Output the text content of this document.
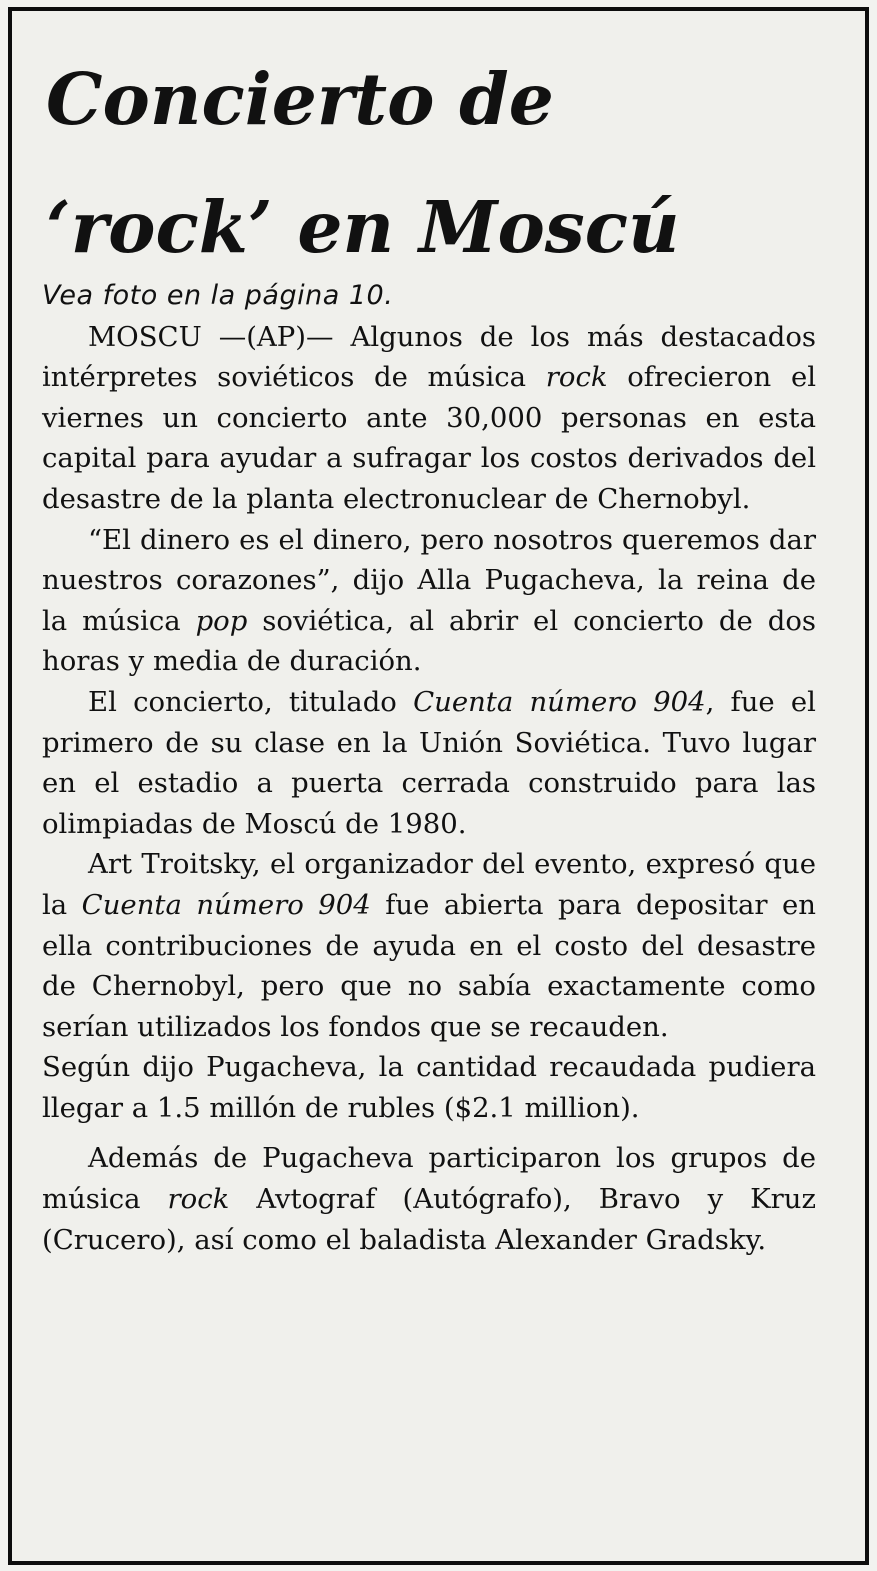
Concierto de
‘rock’ en Moscú

Vea foto en la página 10.

MOSCU —(AP)— Algunos de los más destacados intérpretes soviéticos de música rock ofrecieron el viernes un concierto ante 30,000 personas en esta capital para ayudar a sufragar los costos derivados del desastre de la planta electronuclear de Chernobyl.

“El dinero es el dinero, pero nosotros queremos dar nuestros corazones”, dijo Alla Pugacheva, la reina de la música pop soviética, al abrir el concierto de dos horas y media de duración.

El concierto, titulado Cuenta número 904, fue el primero de su clase en la Unión Soviética. Tuvo lugar en el estadio a puerta cerrada construido para las olimpiadas de Moscú de 1980.

Art Troitsky, el organizador del evento, expresó que la Cuenta número 904 fue abierta para depositar en ella contribuciones de ayuda en el costo del desastre de Chernobyl, pero que no sabía exactamente como serían utilizados los fondos que se recauden.

Según dijo Pugacheva, la cantidad recaudada pudiera llegar a 1.5 millón de rubles ($2.1 million).

Además de Pugacheva participaron los grupos de música rock Avtograf (Autógrafo), Bravo y Kruz (Crucero), así como el baladista Alexander Gradsky.
